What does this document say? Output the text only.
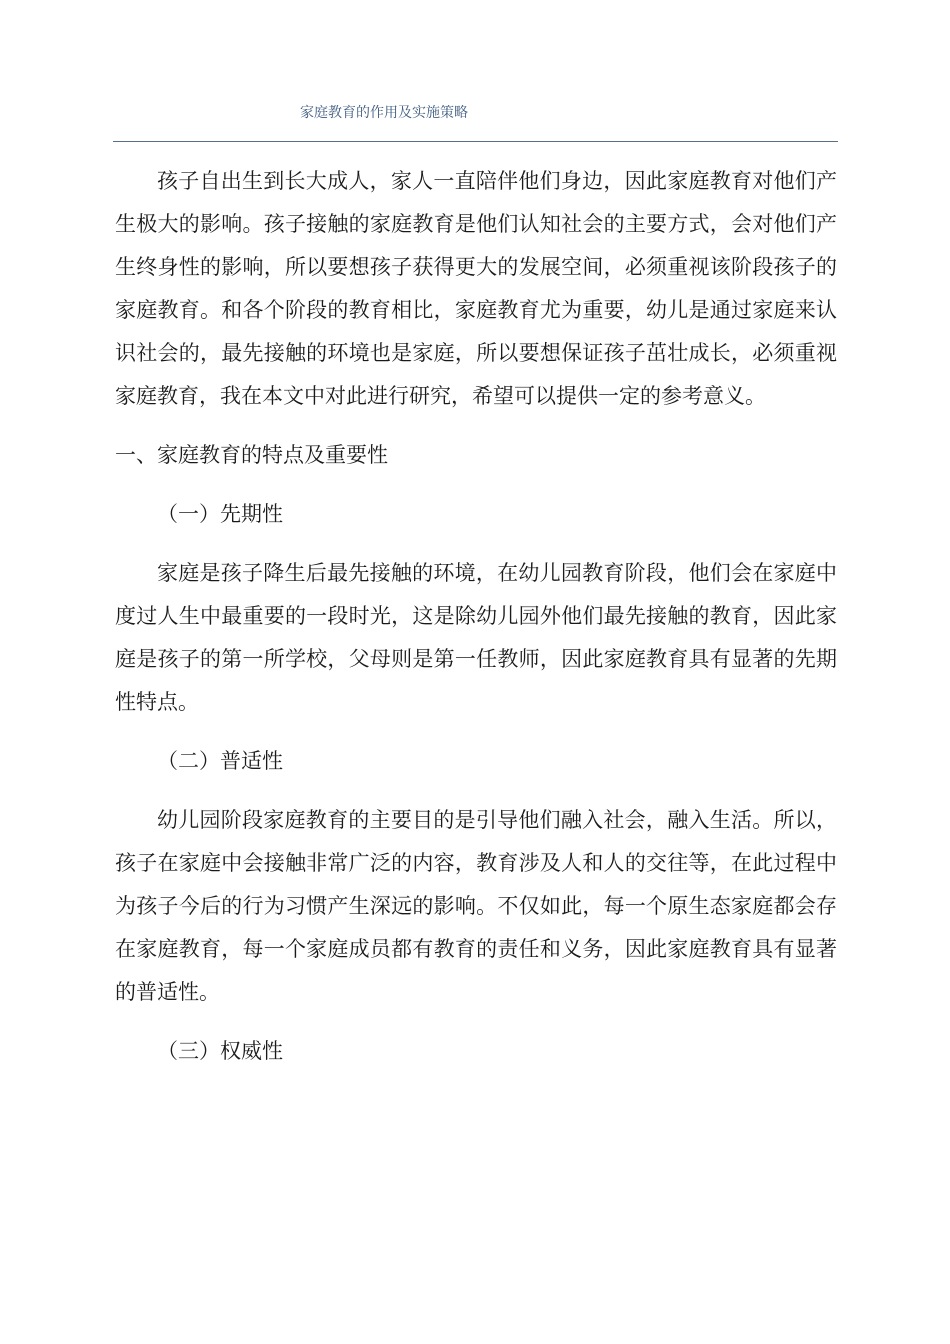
家庭教育的作用及实施策略

孩子自出生到长大成人，家人一直陪伴他们身边，因此家庭教育对他们产生极大的影响。孩子接触的家庭教育是他们认知社会的主要方式，会对他们产生终身性的影响，所以要想孩子获得更大的发展空间，必须重视该阶段孩子的家庭教育。和各个阶段的教育相比，家庭教育尤为重要，幼儿是通过家庭来认识社会的，最先接触的环境也是家庭，所以要想保证孩子茁壮成长，必须重视家庭教育，我在本文中对此进行研究，希望可以提供一定的参考意义。

一、家庭教育的特点及重要性

（一）先期性

家庭是孩子降生后最先接触的环境，在幼儿园教育阶段，他们会在家庭中度过人生中最重要的一段时光，这是除幼儿园外他们最先接触的教育，因此家庭是孩子的第一所学校，父母则是第一任教师，因此家庭教育具有显著的先期性特点。

（二）普适性

幼儿园阶段家庭教育的主要目的是引导他们融入社会，融入生活。所以，孩子在家庭中会接触非常广泛的内容，教育涉及人和人的交往等，在此过程中为孩子今后的行为习惯产生深远的影响。不仅如此，每一个原生态家庭都会存在家庭教育，每一个家庭成员都有教育的责任和义务，因此家庭教育具有显著的普适性。

（三）权威性
